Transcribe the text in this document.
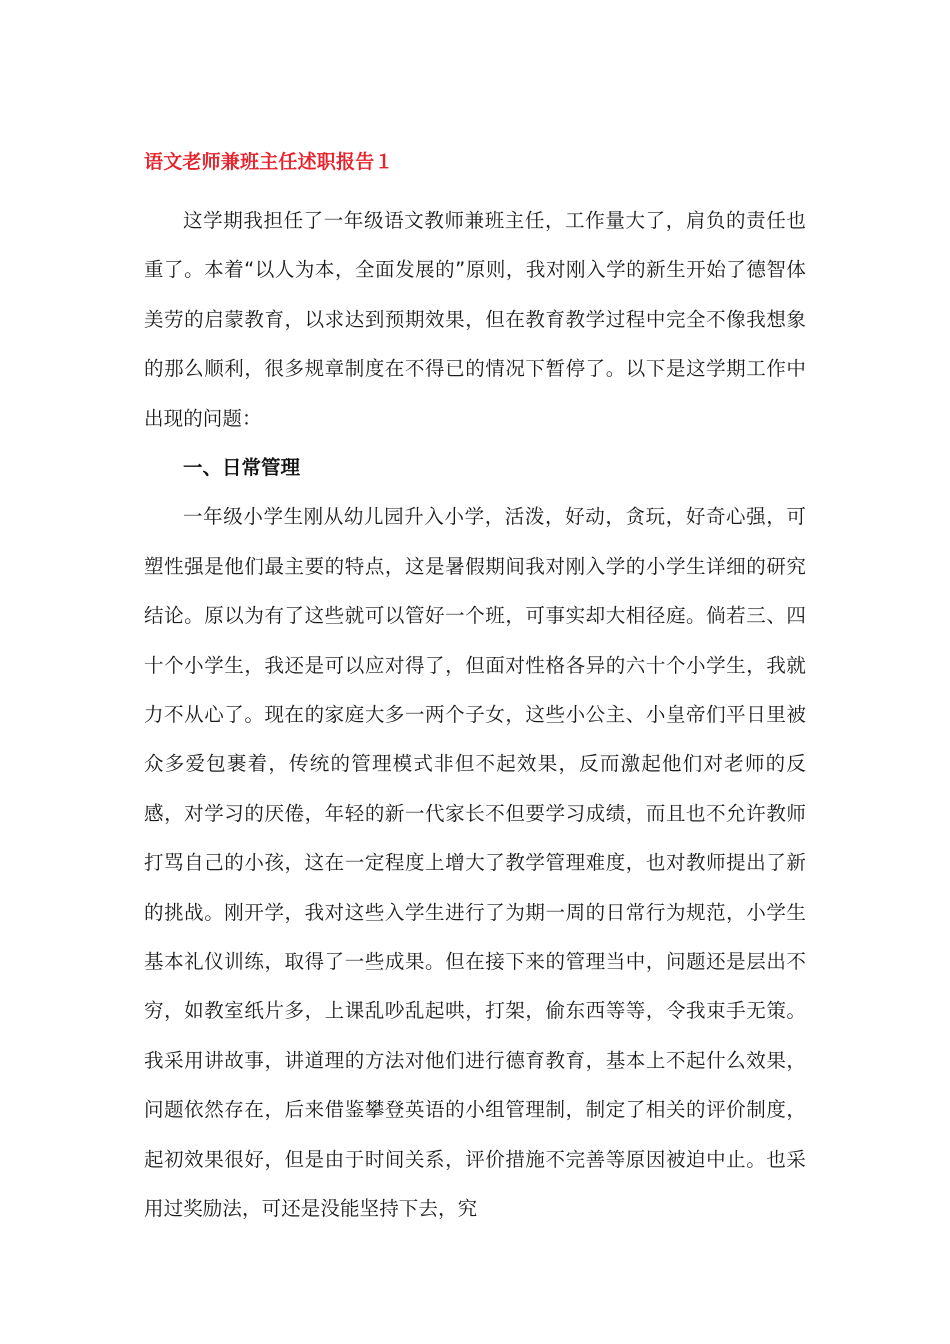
语文老师兼班主任述职报告１

这学期我担任了一年级语文教师兼班主任，工作量大了，肩负的责任也重了。本着“以人为本，全面发展的”原则，我对刚入学的新生开始了德智体美劳的启蒙教育，以求达到预期效果，但在教育教学过程中完全不像我想象的那么顺利，很多规章制度在不得已的情况下暂停了。以下是这学期工作中出现的问题：

一、日常管理

一年级小学生刚从幼儿园升入小学，活泼，好动，贪玩，好奇心强，可塑性强是他们最主要的特点，这是暑假期间我对刚入学的小学生详细的研究结论。原以为有了这些就可以管好一个班，可事实却大相径庭。倘若三、四十个小学生，我还是可以应对得了，但面对性格各异的六十个小学生，我就力不从心了。现在的家庭大多一两个子女，这些小公主、小皇帝们平日里被众多爱包裹着，传统的管理模式非但不起效果，反而激起他们对老师的反感，对学习的厌倦，年轻的新一代家长不但要学习成绩，而且也不允许教师打骂自己的小孩，这在一定程度上增大了教学管理难度，也对教师提出了新的挑战。刚开学，我对这些入学生进行了为期一周的日常行为规范，小学生基本礼仪训练，取得了一些成果。但在接下来的管理当中，问题还是层出不穷，如教室纸片多，上课乱吵乱起哄，打架，偷东西等等，令我束手无策。我采用讲故事，讲道理的方法对他们进行德育教育，基本上不起什么效果，问题依然存在，后来借鉴攀登英语的小组管理制，制定了相关的评价制度，起初效果很好，但是由于时间关系，评价措施不完善等原因被迫中止。也采用过奖励法，可还是没能坚持下去，究
